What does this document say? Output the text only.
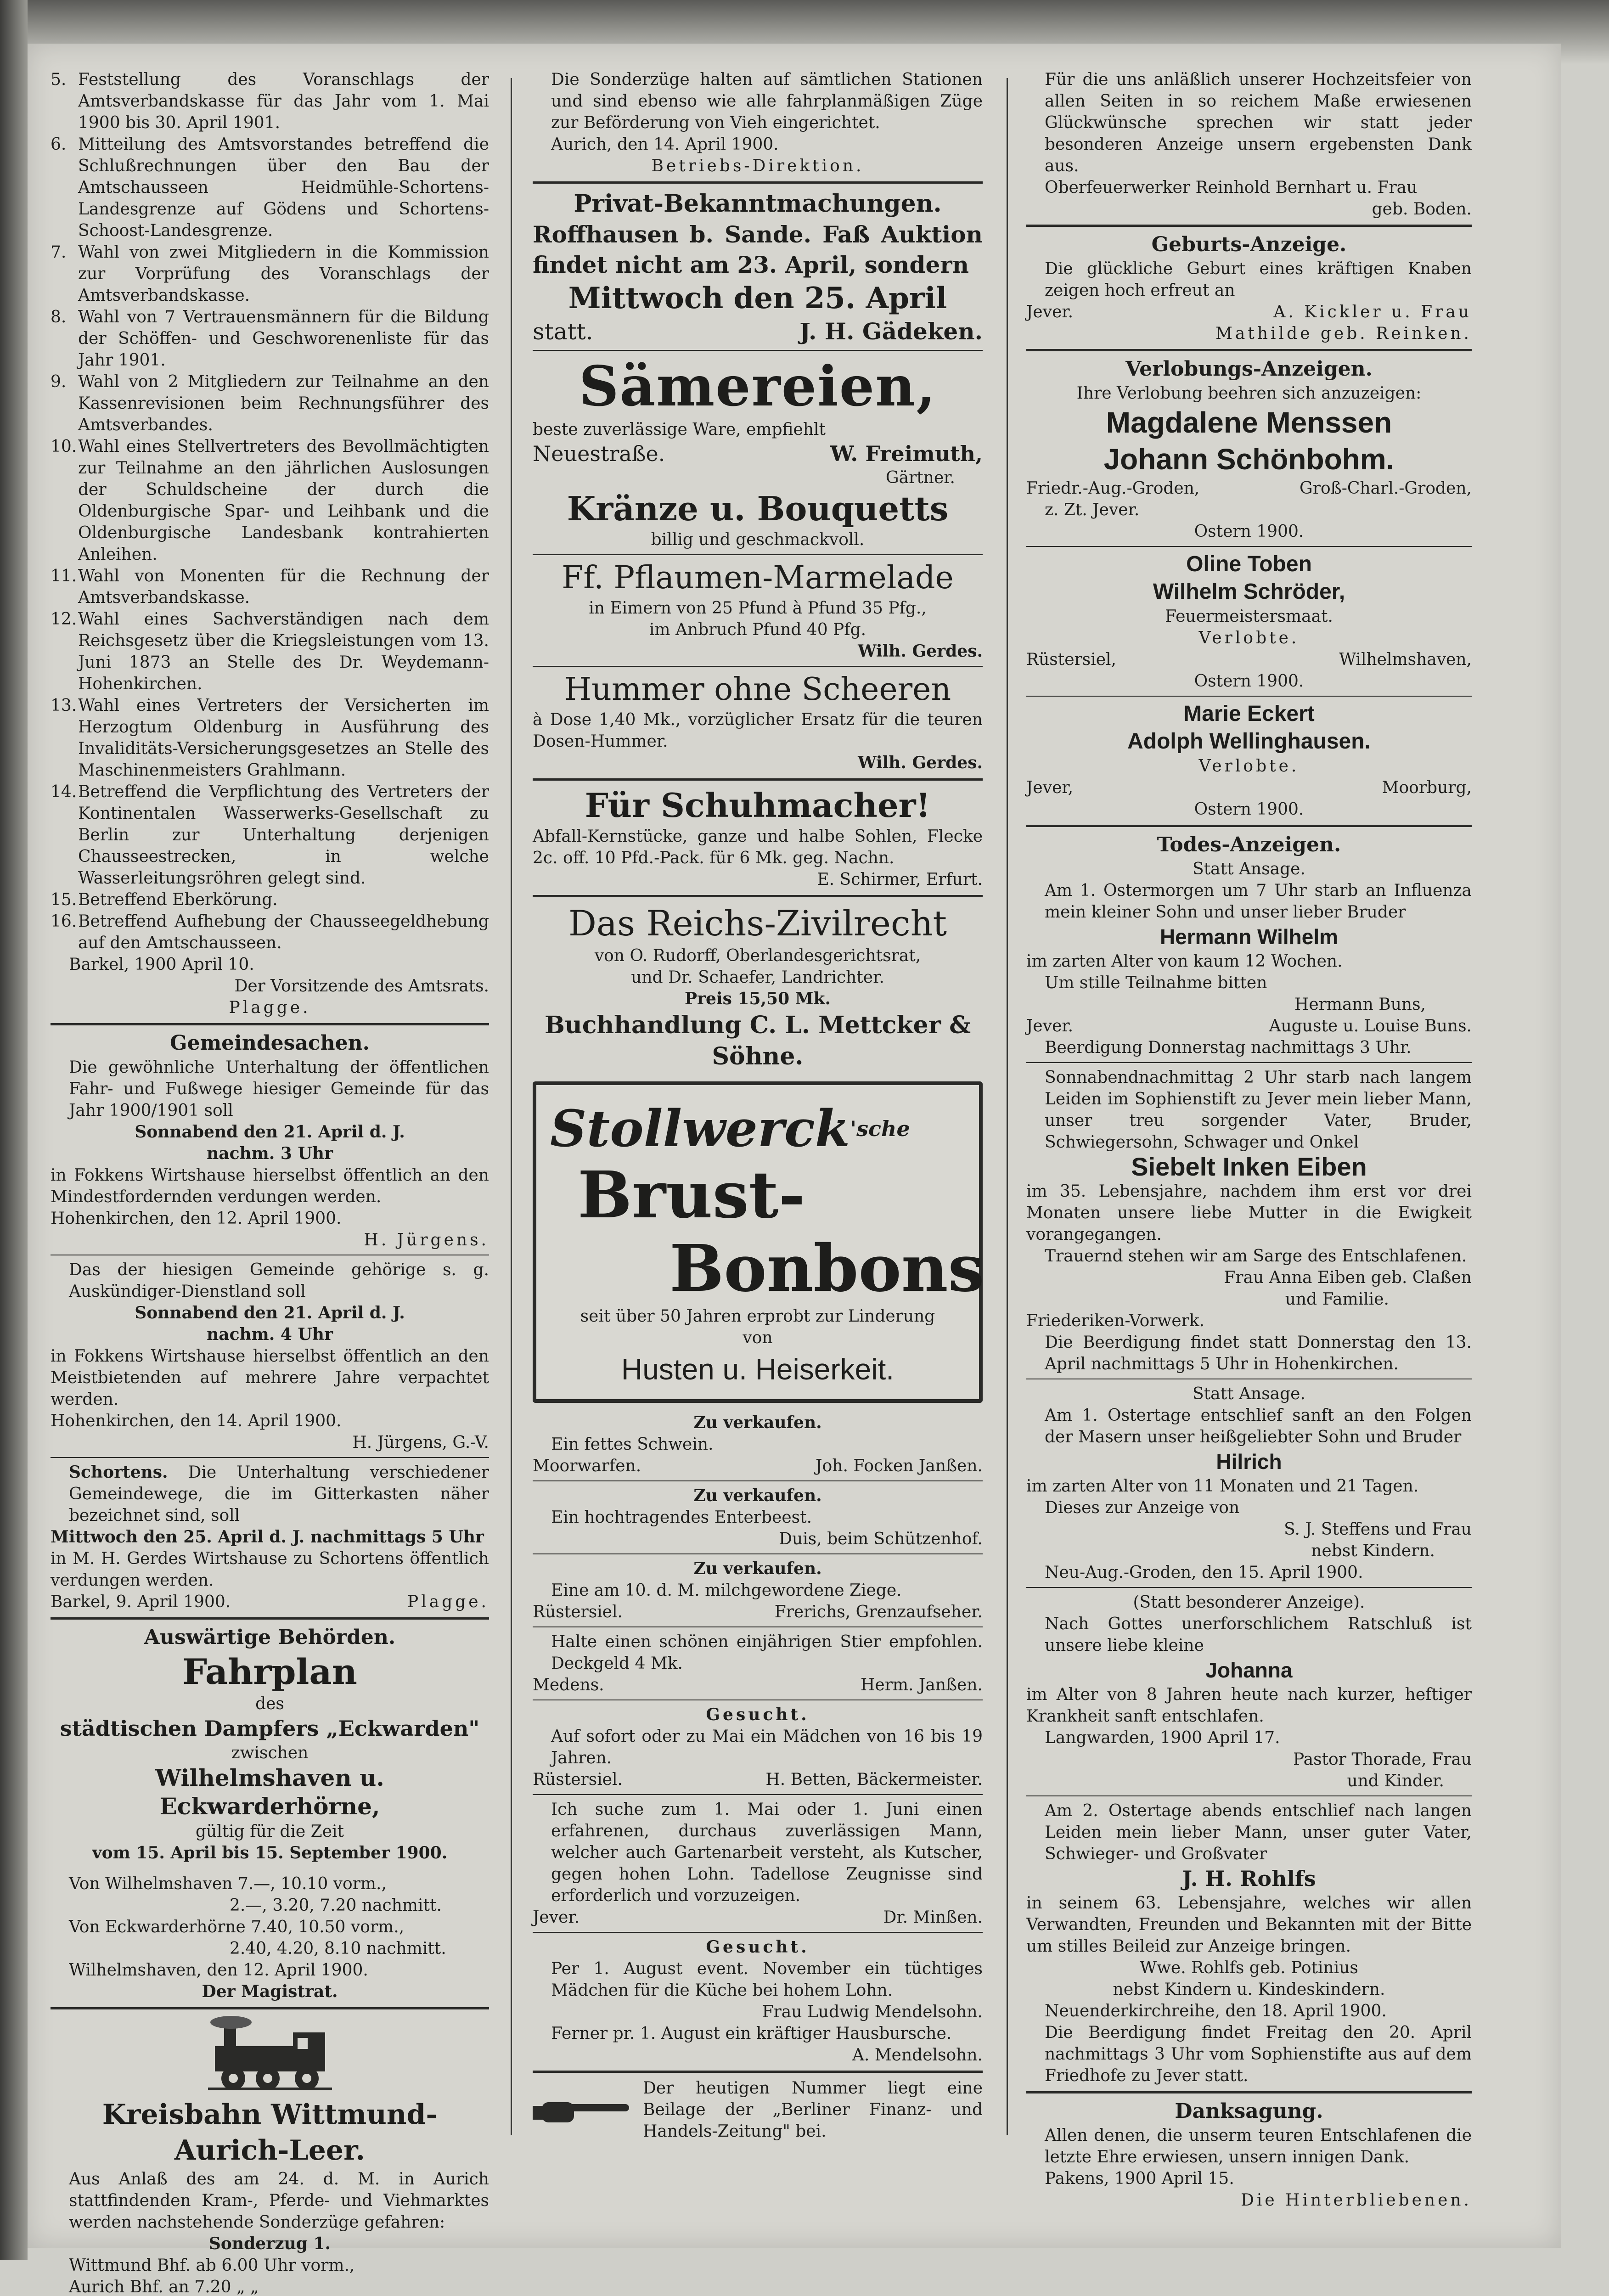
5. Feststellung des Voranschlags der Amtsverbandskasse für das Jahr vom 1. Mai 1900 bis 30. April 1901.
6. Mitteilung des Amtsvorstandes betreffend die Schlußrechnungen über den Bau der Amtschausseen Heidmühle-Schortens-Landesgrenze auf Gödens und Schortens-Schoost-Landesgrenze.
7. Wahl von zwei Mitgliedern in die Kommission zur Vorprüfung des Voranschlags der Amtsverbandskasse.
8. Wahl von 7 Vertrauensmännern für die Bildung der Schöffen- und Geschworenenliste für das Jahr 1901.
9. Wahl von 2 Mitgliedern zur Teilnahme an den Kassenrevisionen beim Rechnungsführer des Amtsverbandes.
10. Wahl eines Stellvertreters des Bevollmächtigten zur Teilnahme an den jährlichen Auslosungen der Schuldscheine der durch die Oldenburgische Spar- und Leihbank und die Oldenburgische Landesbank kontrahierten Anleihen.
11. Wahl von Monenten für die Rechnung der Amtsverbandskasse.
12. Wahl eines Sachverständigen nach dem Reichsgesetz über die Kriegsleistungen vom 13. Juni 1873 an Stelle des Dr. Weydemann-Hohenkirchen.
13. Wahl eines Vertreters der Versicherten im Herzogtum Oldenburg in Ausführung des Invaliditäts-Versicherungsgesetzes an Stelle des Maschinenmeisters Grahlmann.
14. Betreffend die Verpflichtung des Vertreters der Kontinentalen Wasserwerks-Gesellschaft zu Berlin zur Unterhaltung derjenigen Chausseestrecken, in welche Wasserleitungsröhren gelegt sind.
15. Betreffend Eberkörung.
16. Betreffend Aufhebung der Chausseegeldhebung auf den Amtschausseen.
Barkel, 1900 April 10.
Der Vorsitzende des Amtsrats.
Plagge.
Gemeindesachen.
Die gewöhnliche Unterhaltung der öffentlichen Fahr- und Fußwege hiesiger Gemeinde für das Jahr 1900/1901 soll
Sonnabend den 21. April d. J.
nachm. 3 Uhr
in Fokkens Wirtshause hierselbst öffentlich an den Mindestfordernden verdungen werden.
Hohenkirchen, den 12. April 1900.
H. Jürgens.
Das der hiesigen Gemeinde gehörige s. g. Auskündiger-Dienstland soll
Sonnabend den 21. April d. J.
nachm. 4 Uhr
in Fokkens Wirtshause hierselbst öffentlich an den Meistbietenden auf mehrere Jahre verpachtet werden.
Hohenkirchen, den 14. April 1900.
H. Jürgens, G.-V.
Schortens. Die Unterhaltung verschiedener Gemeindewege, die im Gitterkasten näher bezeichnet sind, soll
Mittwoch den 25. April d. J. nachmittags 5 Uhr
in M. H. Gerdes Wirtshause zu Schortens öffentlich verdungen werden.
Barkel, 9. April 1900.	Plagge.
Auswärtige Behörden.
Fahrplan
des
städtischen Dampfers „Eckwarden"
zwischen
Wilhelmshaven u. Eckwarderhörne,
gültig für die Zeit
vom 15. April bis 15. September 1900.
Von Wilhelmshaven 7.—, 10.10 vorm.,
2.—, 3.20, 7.20 nachmitt.
Von Eckwarderhörne 7.40, 10.50 vorm.,
2.40, 4.20, 8.10 nachmitt.
Wilhelmshaven, den 12. April 1900.
Der Magistrat.
Kreisbahn Wittmund-Aurich-Leer.
Aus Anlaß des am 24. d. M. in Aurich stattfindenden Kram-, Pferde- und Viehmarktes werden nachstehende Sonderzüge gefahren:
Sonderzug 1.
Wittmund Bhf. ab 6.00 Uhr vorm.,
Aurich Bhf. an 7.20 „ „
Die Sonderzüge halten auf sämtlichen Stationen und sind ebenso wie alle fahrplanmäßigen Züge zur Beförderung von Vieh eingerichtet.
Aurich, den 14. April 1900.
Betriebs-Direktion.
Privat-Bekanntmachungen.
Roffhausen b. Sande. Faß Auktion findet nicht am 23. April, sondern
Mittwoch den 25. April
statt.	J. H. Gädeken.
Sämereien,
beste zuverlässige Ware, empfiehlt
Neuestraße.	W. Freimuth,
Gärtner.
Kränze u. Bouquetts
billig und geschmackvoll.
Ff. Pflaumen-Marmelade
in Eimern von 25 Pfund à Pfund 35 Pfg.,
im Anbruch Pfund 40 Pfg.
Wilh. Gerdes.
Hummer ohne Scheeren
à Dose 1,40 Mk., vorzüglicher Ersatz für die teuren Dosen-Hummer.
Wilh. Gerdes.
Für Schuhmacher!
Abfall-Kernstücke, ganze und halbe Sohlen, Flecke 2c. off. 10 Pfd.-Pack. für 6 Mk. geg. Nachn.
E. Schirmer, Erfurt.
Das Reichs-Zivilrecht
von O. Rudorff, Oberlandesgerichtsrat,
und Dr. Schaefer, Landrichter.
Preis 15,50 Mk.
Buchhandlung C. L. Mettcker & Söhne.
Stollwerck$^{'sche}$
Brust-
Bonbons
seit über 50 Jahren erprobt zur Linderung
von
Husten u. Heiserkeit.
Zu verkaufen.
Ein fettes Schwein.
Moorwarfen.	Joh. Focken Janßen.
Zu verkaufen.
Ein hochtragendes Enterbeest.
Duis, beim Schützenhof.
Zu verkaufen.
Eine am 10. d. M. milchgewordene Ziege.
Rüstersiel.	Frerichs, Grenzaufseher.
Halte einen schönen einjährigen Stier empfohlen. Deckgeld 4 Mk.
Medens.	Herm. Janßen.
Gesucht.
Auf sofort oder zu Mai ein Mädchen von 16 bis 19 Jahren.
Rüstersiel.	H. Betten, Bäckermeister.
Ich suche zum 1. Mai oder 1. Juni einen erfahrenen, durchaus zuverlässigen Mann, welcher auch Gartenarbeit versteht, als Kutscher, gegen hohen Lohn. Tadellose Zeugnisse sind erforderlich und vorzuzeigen.
Jever.	Dr. Minßen.
Gesucht.
Per 1. August event. November ein tüchtiges Mädchen für die Küche bei hohem Lohn.
Frau Ludwig Mendelsohn.
Ferner pr. 1. August ein kräftiger Hausbursche.
A. Mendelsohn.
Der heutigen Nummer liegt eine Beilage der „Berliner Finanz- und Handels-Zeitung" bei.
Für die uns anläßlich unserer Hochzeitsfeier von allen Seiten in so reichem Maße erwiesenen Glückwünsche sprechen wir statt jeder besonderen Anzeige unsern ergebensten Dank aus.
Oberfeuerwerker Reinhold Bernhart u. Frau
geb. Boden.
Geburts-Anzeige.
Die glückliche Geburt eines kräftigen Knaben zeigen hoch erfreut an
Jever.	A. Kickler u. Frau
Mathilde geb. Reinken.
Verlobungs-Anzeigen.
Ihre Verlobung beehren sich anzuzeigen:
Magdalene Menssen
Johann Schönbohm.
Friedr.-Aug.-Groden,	Groß-Charl.-Groden,
z. Zt. Jever.
Ostern 1900.
Oline Toben
Wilhelm Schröder,
Feuermeistersmaat.
Verlobte.
Rüstersiel,	Wilhelmshaven,
Ostern 1900.
Marie Eckert
Adolph Wellinghausen.
Verlobte.
Jever,	Moorburg,
Ostern 1900.
Todes-Anzeigen.
Statt Ansage.
Am 1. Ostermorgen um 7 Uhr starb an Influenza mein kleiner Sohn und unser lieber Bruder
Hermann Wilhelm
im zarten Alter von kaum 12 Wochen.
Um stille Teilnahme bitten
Hermann Buns,
Jever.	Auguste u. Louise Buns.
Beerdigung Donnerstag nachmittags 3 Uhr.
Sonnabendnachmittag 2 Uhr starb nach langem Leiden im Sophienstift zu Jever mein lieber Mann, unser treu sorgender Vater, Bruder, Schwiegersohn, Schwager und Onkel
Siebelt Inken Eiben
im 35. Lebensjahre, nachdem ihm erst vor drei Monaten unsere liebe Mutter in die Ewigkeit vorangegangen.
Trauernd stehen wir am Sarge des Entschlafenen.
Frau Anna Eiben geb. Claßen
und Familie.
Friederiken-Vorwerk.
Die Beerdigung findet statt Donnerstag den 13. April nachmittags 5 Uhr in Hohenkirchen.
Statt Ansage.
Am 1. Ostertage entschlief sanft an den Folgen der Masern unser heißgeliebter Sohn und Bruder
Hilrich
im zarten Alter von 11 Monaten und 21 Tagen.
Dieses zur Anzeige von
S. J. Steffens und Frau
nebst Kindern.
Neu-Aug.-Groden, den 15. April 1900.
(Statt besonderer Anzeige).
Nach Gottes unerforschlichem Ratschluß ist unsere liebe kleine
Johanna
im Alter von 8 Jahren heute nach kurzer, heftiger Krankheit sanft entschlafen.
Langwarden, 1900 April 17.
Pastor Thorade, Frau
und Kinder.
Am 2. Ostertage abends entschlief nach langen Leiden mein lieber Mann, unser guter Vater, Schwieger- und Großvater
J. H. Rohlfs
in seinem 63. Lebensjahre, welches wir allen Verwandten, Freunden und Bekannten mit der Bitte um stilles Beileid zur Anzeige bringen.
Wwe. Rohlfs geb. Potinius
nebst Kindern u. Kindeskindern.
Neuenderkirchreihe, den 18. April 1900.
Die Beerdigung findet Freitag den 20. April nachmittags 3 Uhr vom Sophienstifte aus auf dem Friedhofe zu Jever statt.
Danksagung.
Allen denen, die unserm teuren Entschlafenen die letzte Ehre erwiesen, unsern innigen Dank.
Pakens, 1900 April 15.
Die Hinterbliebenen.
